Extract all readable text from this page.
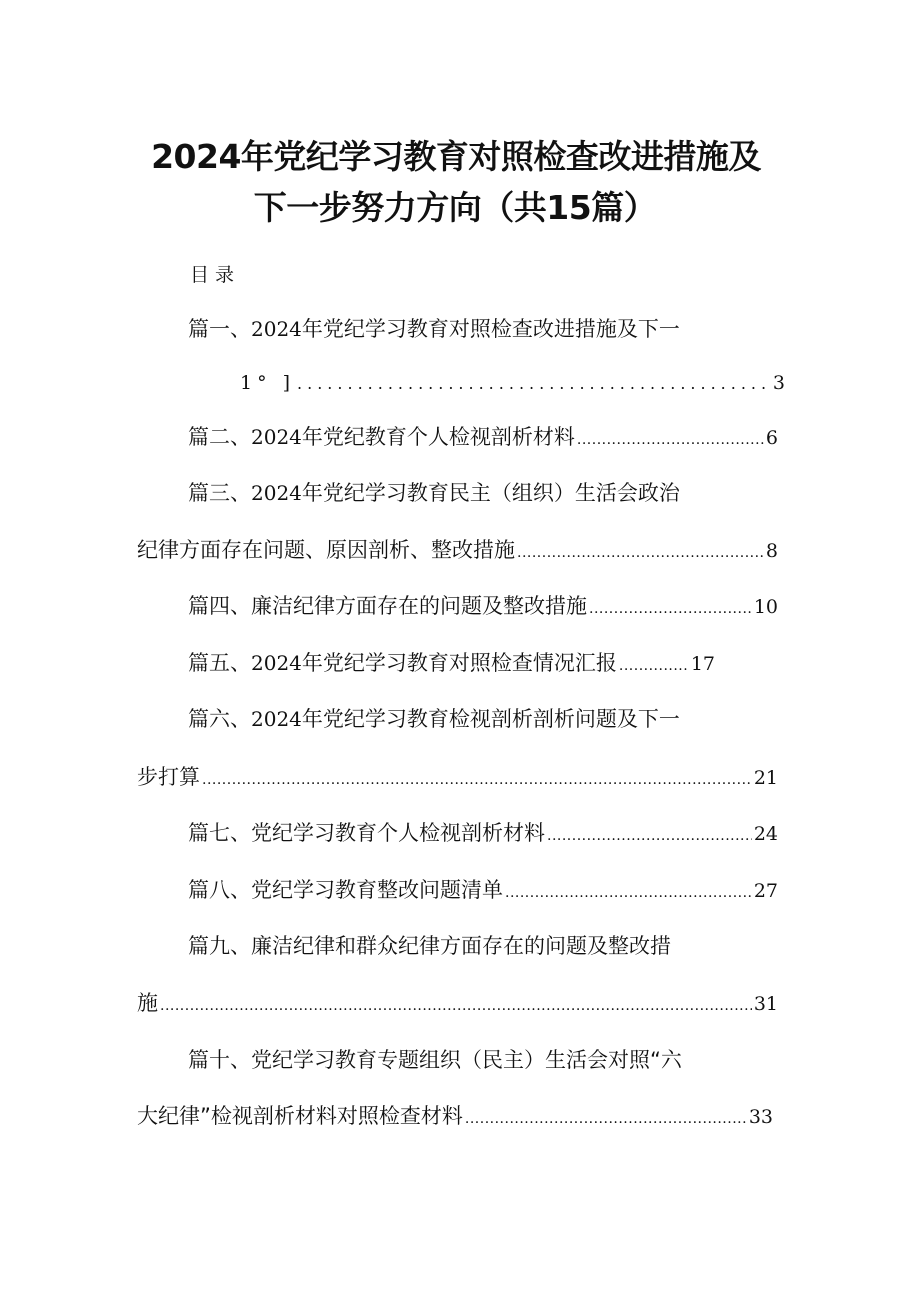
2024年党纪学习教育对照检查改进措施及
下一步努力方向（共15篇）
目录
篇一、 2024 年党纪学习教育对照检查改进措施及下一
1° ] .....	3
篇二、 2024 年党纪教育个人检视剖析材料 .....	6
篇三、 2024 年党纪学习教育民主（组织）生活会政治
纪律方面存在问题、原因剖析、整改措施 .....	8
篇四、 廉洁纪律方面存在的问题及整改措施 .....	10
篇五、 2024 年党纪学习教育对照检查情况汇报 .....	17
篇六、 2024 年党纪学习教育检视剖析剖析问题及下一
步打算 .....	21
篇七、 党纪学习教育个人检视剖析材料 .....	24
篇八、 党纪学习教育整改问题清单 .....	27
篇九、 廉洁纪律和群众纪律方面存在的问题及整改措
施 .....	31
篇十、 党纪学习教育专题组织（民主）生活会对照“六
大纪律”检视剖析材料对照检查材料 .....	33
